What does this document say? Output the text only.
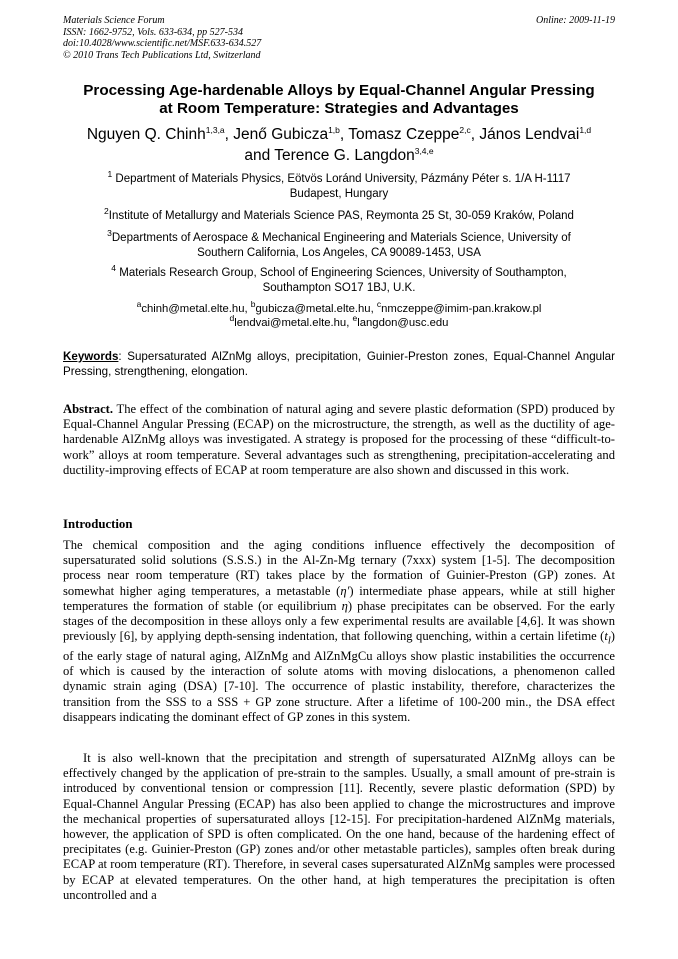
Materials Science Forum
ISSN: 1662-9752, Vols. 633-634, pp 527-534
doi:10.4028/www.scientific.net/MSF.633-634.527
© 2010 Trans Tech Publications Ltd, Switzerland
Online: 2009-11-19
Processing Age-hardenable Alloys by Equal-Channel Angular Pressing
at Room Temperature: Strategies and Advantages
Nguyen Q. Chinh$^{1,3,a}$, Jenő Gubicza$^{1,b}$, Tomasz Czeppe$^{2,c}$, János Lendvai$^{1,d}$
and Terence G. Langdon$^{3,4,e}$
$^1$ Department of Materials Physics, Eötvös Loránd University, Pázmány Péter s. 1/A H-1117
Budapest, Hungary
$^2$Institute of Metallurgy and Materials Science PAS, Reymonta 25 St, 30-059 Kraków, Poland
$^3$Departments of Aerospace & Mechanical Engineering and Materials Science, University of
Southern California, Los Angeles, CA 90089-1453, USA
$^4$ Materials Research Group, School of Engineering Sciences, University of Southampton,
Southampton SO17 1BJ, U.K.
$^a$chinh@metal.elte.hu, $^b$gubicza@metal.elte.hu, $^c$nmczeppe@imim-pan.krakow.pl
$^d$lendvai@metal.elte.hu, $^e$langdon@usc.edu
Keywords: Supersaturated AlZnMg alloys, precipitation, Guinier-Preston zones, Equal-Channel Angular Pressing, strengthening, elongation.
Abstract. The effect of the combination of natural aging and severe plastic deformation (SPD) produced by Equal-Channel Angular Pressing (ECAP) on the microstructure, the strength, as well as the ductility of age-hardenable AlZnMg alloys was investigated. A strategy is proposed for the processing of these “difficult-to-work” alloys at room temperature. Several advantages such as strengthening, precipitation-accelerating and ductility-improving effects of ECAP at room temperature are also shown and discussed in this work.
Introduction
The chemical composition and the aging conditions influence effectively the decomposition of supersaturated solid solutions (S.S.S.) in the Al-Zn-Mg ternary (7xxx) system [1-5]. The decomposition process near room temperature (RT) takes place by the formation of Guinier-Preston (GP) zones. At somewhat higher aging temperatures, a metastable (η′) intermediate phase appears, while at still higher temperatures the formation of stable (or equilibrium η) phase precipitates can be observed. For the early stages of the decomposition in these alloys only a few experimental results are available [4,6]. It was shown previously [6], by applying depth-sensing indentation, that following quenching, within a certain lifetime $(t_l)$ of the early stage of natural aging, AlZnMg and AlZnMgCu alloys show plastic instabilities the occurrence of which is caused by the interaction of solute atoms with moving dislocations, a phenomenon called dynamic strain aging (DSA) [7-10]. The occurrence of plastic instability, therefore, characterizes the transition from the SSS to a SSS + GP zone structure. After a lifetime of 100-200 min., the DSA effect disappears indicating the dominant effect of GP zones in this system.
It is also well-known that the precipitation and strength of supersaturated AlZnMg alloys can be effectively changed by the application of pre-strain to the samples. Usually, a small amount of pre-strain is introduced by conventional tension or compression [11]. Recently, severe plastic deformation (SPD) by Equal-Channel Angular Pressing (ECAP) has also been applied to change the microstructures and improve the mechanical properties of supersaturated alloys [12-15]. For precipitation-hardened AlZnMg materials, however, the application of SPD is often complicated. On the one hand, because of the hardening effect of precipitates (e.g. Guinier-Preston (GP) zones and/or other metastable particles), samples often break during ECAP at room temperature (RT). Therefore, in several cases supersaturated AlZnMg samples were processed by ECAP at elevated temperatures. On the other hand, at high temperatures the precipitation is often uncontrolled and a
